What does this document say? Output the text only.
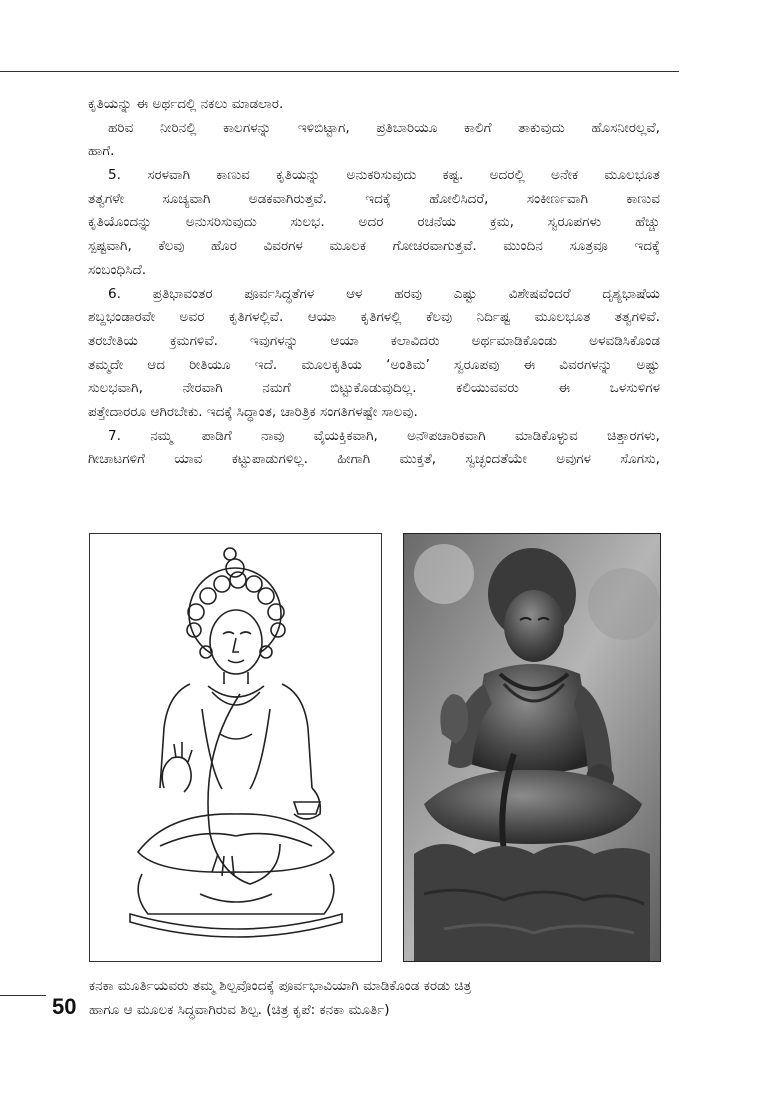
ಕೃತಿಯನ್ನು ಈ ಅರ್ಥದಲ್ಲಿ ನಕಲು ಮಾಡಲಾರ.
ಹರಿವ ನೀರಿನಲ್ಲಿ ಕಾಲಗಳನ್ನು ಇಳಿಬಿಟ್ಟಾಗ, ಪ್ರತಿಬಾರಿಯೂ ಕಾಲಿಗೆ ತಾಕುವುದು ಹೊಸನೀರಲ್ಲವೆ,
ಹಾಗೆ.
5. ಸರಳವಾಗಿ ಕಾಣುವ ಕೃತಿಯನ್ನು ಅನುಕರಿಸುವುದು ಕಷ್ಟ. ಅದರಲ್ಲಿ ಅನೇಕ ಮೂಲಭೂತ
ತತ್ವಗಳೇ ಸೂಚ್ಯವಾಗಿ ಅಡಕವಾಗಿರುತ್ತವೆ. ಇದಕ್ಕೆ ಹೋಲಿಸಿದರೆ, ಸಂಕೀರ್ಣವಾಗಿ ಕಾಣುವ
ಕೃತಿಯೊಂದನ್ನು ಅನುಸರಿಸುವುದು ಸುಲಭ. ಅದರ ರಚನೆಯ ಕ್ರಮ, ಸ್ವರೂಪಗಳು ಹೆಚ್ಚು
ಸ್ಪಷ್ಟವಾಗಿ, ಕೆಲವು ಹೊರ ವಿವರಗಳ ಮೂಲಕ ಗೋಚರವಾಗುತ್ತವೆ. ಮುಂದಿನ ಸೂತ್ರವೂ ಇದಕ್ಕೆ
ಸಂಬಂಧಿಸಿದೆ.
6. ಪ್ರತಿಭಾವಂತರ ಪೂರ್ವಸಿದ್ಧತೆಗಳ ಆಳ ಹರವು ಎಷ್ಟು ವಿಶೇಷವೆಂದರೆ ದೃಶ್ಯಭಾಷೆಯ
ಶಬ್ದಭಂಡಾರವೇ ಅವರ ಕೃತಿಗಳಲ್ಲಿವೆ. ಆಯಾ ಕೃತಿಗಳಲ್ಲಿ ಕೆಲವು ನಿರ್ದಿಷ್ಟ ಮೂಲಭೂತ ತತ್ವಗಳಿವೆ.
ತರಬೇತಿಯ ಕ್ರಮಗಳಿವೆ. ಇವುಗಳನ್ನು ಆಯಾ ಕಲಾವಿದರು ಅರ್ಥಮಾಡಿಕೊಂಡು ಅಳವಡಿಸಿಕೊಂಡ
ತಮ್ಮದೇ ಆದ ರೀತಿಯೂ ಇದೆ. ಮೂಲಕೃತಿಯ ‘ಅಂತಿಮ’ ಸ್ವರೂಪವು ಈ ವಿವರಗಳನ್ನು ಅಷ್ಟು
ಸುಲಭವಾಗಿ, ನೇರವಾಗಿ ನಮಗೆ ಬಿಟ್ಟುಕೊಡುವುದಿಲ್ಲ. ಕಲಿಯುವವರು ಈ ಒಳಸುಳಿಗಳ
ಪತ್ತೇದಾರರೂ ಆಗಿರಬೇಕು. ಇದಕ್ಕೆ ಸಿದ್ಧಾಂತ, ಚಾರಿತ್ರಿಕ ಸಂಗತಿಗಳಷ್ಟೇ ಸಾಲವು.
7. ನಮ್ಮ ಪಾಡಿಗೆ ನಾವು ವೈಯಕ್ತಿಕವಾಗಿ, ಅನೌಪಚಾರಿಕವಾಗಿ ಮಾಡಿಕೊಳ್ಳುವ ಚಿತ್ತಾರಗಳು,
ಗೀಚಾಟಗಳಿಗೆ ಯಾವ ಕಟ್ಟುಪಾಡುಗಳಿಲ್ಲ. ಹೀಗಾಗಿ ಮುಕ್ತತೆ, ಸ್ವಚ್ಛಂದತೆಯೇ ಅವುಗಳ ಸೊಗಸು,
ಕನಕಾ ಮೂರ್ತಿಯವರು ತಮ್ಮ ಶಿಲ್ಪವೊಂದಕ್ಕೆ ಪೂರ್ವಭಾವಿಯಾಗಿ ಮಾಡಿಕೊಂಡ ಕರಡು ಚಿತ್ರ
ಹಾಗೂ ಆ ಮೂಲಕ ಸಿದ್ಧವಾಗಿರುವ ಶಿಲ್ಪ. (ಚಿತ್ರ ಕೃಪೆ: ಕನಕಾ ಮೂರ್ತಿ)
50
